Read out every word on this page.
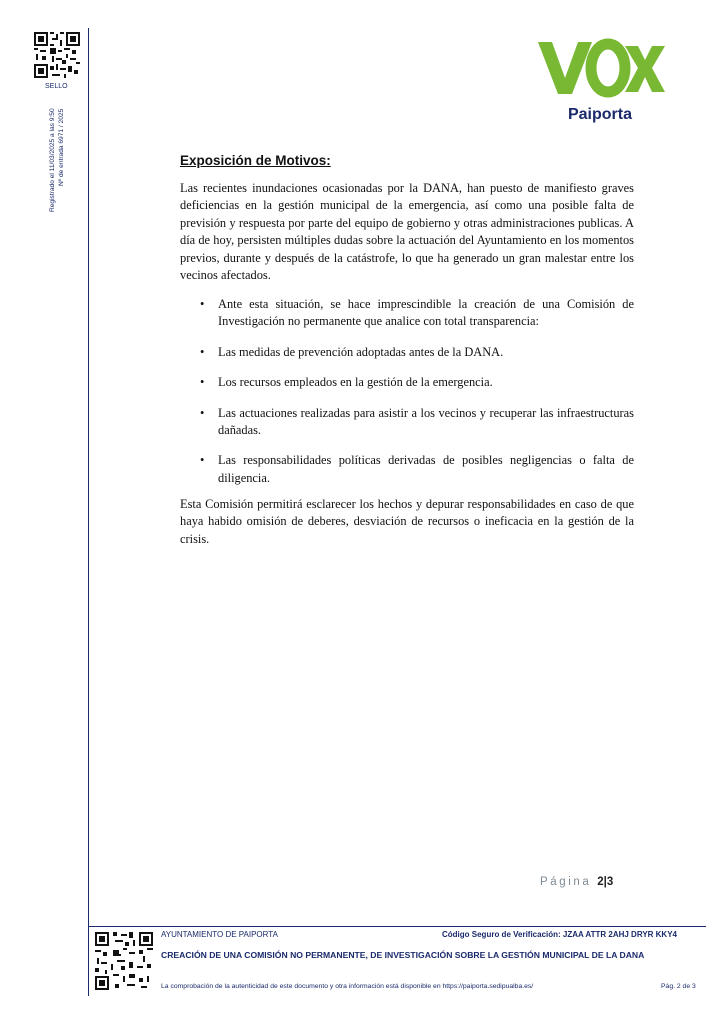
SELLO
Registrado el 11/03/2025 a las 9:50 Nº de entrada 6971 / 2025	Paiporta
Exposición de Motivos:
Las recientes inundaciones ocasionadas por la DANA, han puesto de manifiesto graves deficiencias en la gestión municipal de la emergencia, así como una posible falta de previsión y respuesta por parte del equipo de gobierno y otras administraciones publicas. A día de hoy, persisten múltiples dudas sobre la actuación del Ayuntamiento en los momentos previos, durante y después de la catástrofe, lo que ha generado un gran malestar entre los vecinos afectados.
• Ante esta situación, se hace imprescindible la creación de una Comisión de Investigación no permanente que analice con total transparencia:
• Las medidas de prevención adoptadas antes de la DANA.
• Los recursos empleados en la gestión de la emergencia.
• Las actuaciones realizadas para asistir a los vecinos y recuperar las infraestructuras dañadas.
• Las responsabilidades políticas derivadas de posibles negligencias o falta de diligencia.
Esta Comisión permitirá esclarecer los hechos y depurar responsabilidades en caso de que haya habido omisión de deberes, desviación de recursos o ineficacia en la gestión de la crisis.
Página 2|3
AYUNTAMIENTO DE PAIPORTA	Código Seguro de Verificación: JZAA ATTR 2AHJ DRYR KKY4
CREACIÓN DE UNA COMISIÓN NO PERMANENTE, DE INVESTIGACIÓN SOBRE LA GESTIÓN MUNICIPAL DE LA DANA
La comprobación de la autenticidad de este documento y otra información está disponible en https://paiporta.sedipualba.es/	Pág. 2 de 3
